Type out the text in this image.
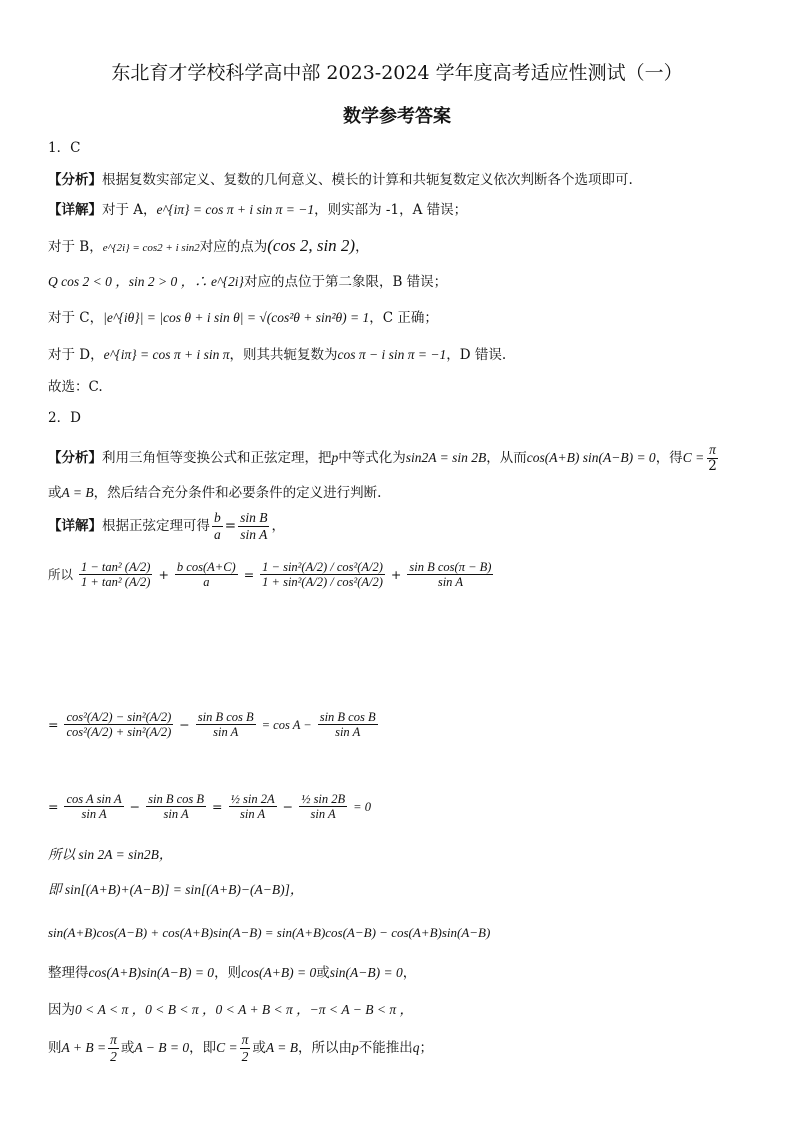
东北育才学校科学高中部 2023-2024 学年度高考适应性测试（一）
数学参考答案
1．C
【分析】根据复数实部定义、复数的几何意义、模长的计算和共轭复数定义依次判断各个选项即可.
【详解】对于 A，e^{iπ} = cos π + i sin π = −1，则实部为 -1，A 错误；
对于 B，e^{2i} = cos2 + i sin2对应的点为(cos 2, sin 2)，
Q cos 2 < 0 ，sin 2 > 0 ，∴ e^{2i}对应的点位于第二象限，B 错误；
对于 C，|e^{iθ}| = |cos θ + i sin θ| = √(cos²θ + sin²θ) = 1，C 正确；
对于 D，e^{iπ} = cos π + i sin π，则其共轭复数为cos π − i sin π = −1，D 错误.
故选：C.
2．D
【分析】利用三角恒等变换公式和正弦定理，把p中等式化为sin2A = sin 2B，从而cos(A+B) sin(A−B) = 0，得$C = \frac{\pi}{2}$
或A = B，然后结合充分条件和必要条件的定义进行判断.
【详解】根据正弦定理可得 $\frac{b}{a} = \frac{\text{sin B}}{\text{sin A}}$ ，
所以 $\frac{\text{1 − tan² (A/2)}}{\text{1 + tan² (A/2)}} + \frac{\text{b cos(A+C)}}{a} = \frac{\text{1 − sin²(A/2) / cos²(A/2)}}{\text{1 + sin²(A/2) / cos²(A/2)}} + \frac{\text{sin B cos(π − B)}}{\text{sin A}}$
= $\frac{\text{cos²(A/2) − sin²(A/2)}}{\text{cos²(A/2) + sin²(A/2)}} - \frac{\text{sin B cos B}}{\text{sin A}} = \cos A - \frac{\text{sin B cos B}}{\text{sin A}}$
= $\frac{\text{cos A sin A}}{\text{sin A}} - \frac{\text{sin B cos B}}{\text{sin A}} = \frac{\text{½ sin 2A}}{\text{sin A}} - \frac{\text{½ sin 2B}}{\text{sin A}} = 0$
所以 sin 2A = sin2B，
即 sin[(A+B)+(A−B)] = sin[(A+B)−(A−B)]，
sin(A+B)cos(A−B) + cos(A+B)sin(A−B) = sin(A+B)cos(A−B) − cos(A+B)sin(A−B)
整理得cos(A+B)sin(A−B) = 0，则cos(A+B) = 0或sin(A−B) = 0，
因为0 < A < π ，0 < B < π ，0 < A + B < π ，−π < A − B < π ，
则$A + B = \frac{\pi}{2}$ 或A − B = 0，即$C = \frac{\pi}{2}$ 或A = B，所以由p不能推出q；
